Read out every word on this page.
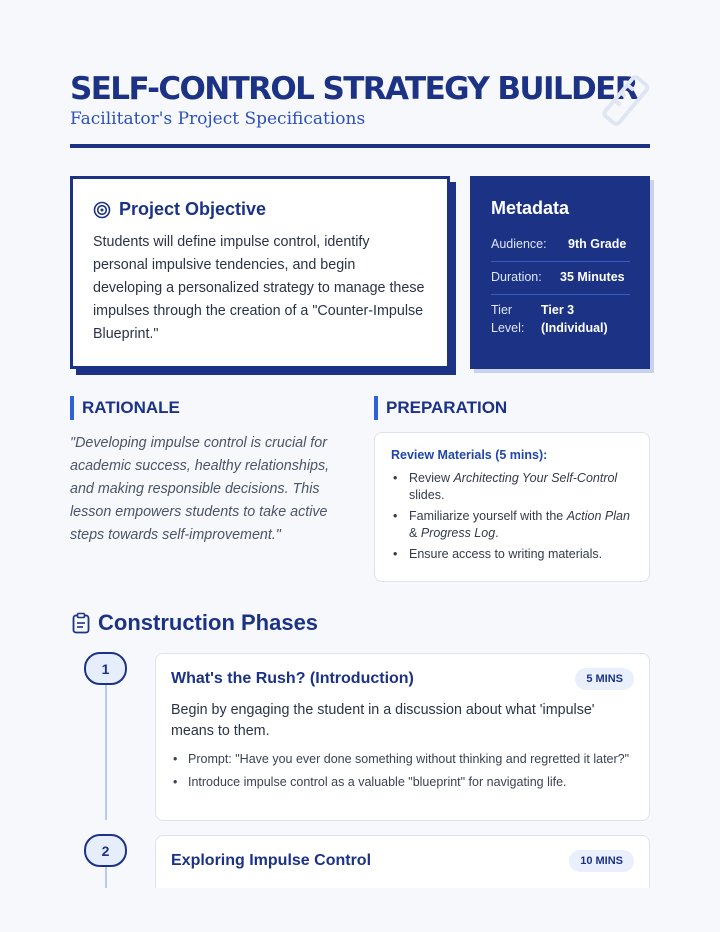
SELF-CONTROL STRATEGY BUILDER
Facilitator's Project Specifications
Project Objective

Students will define impulse control, identify personal impulsive tendencies, and begin developing a personalized strategy to manage these impulses through the creation of a "Counter-Impulse Blueprint."

Metadata
Audience:	9th Grade
Duration:	35 Minutes
Tier Level:
Tier 3 (Individual)
RATIONALE

"Developing impulse control is crucial for academic success, healthy relationships, and making responsible decisions. This lesson empowers students to take active steps towards self-improvement."

PREPARATION
Review Materials (5 mins):
• Review Architecting Your Self-Control slides.
• Familiarize yourself with the Action Plan & Progress Log.
• Ensure access to writing materials.
Construction Phases
1
2
What's the Rush? (Introduction)	5 MINS

Begin by engaging the student in a discussion about what 'impulse' means to them.

• Prompt: "Have you ever done something without thinking and regretted it later?"
• Introduce impulse control as a valuable "blueprint" for navigating life.
Exploring Impulse Control	10 MINS
